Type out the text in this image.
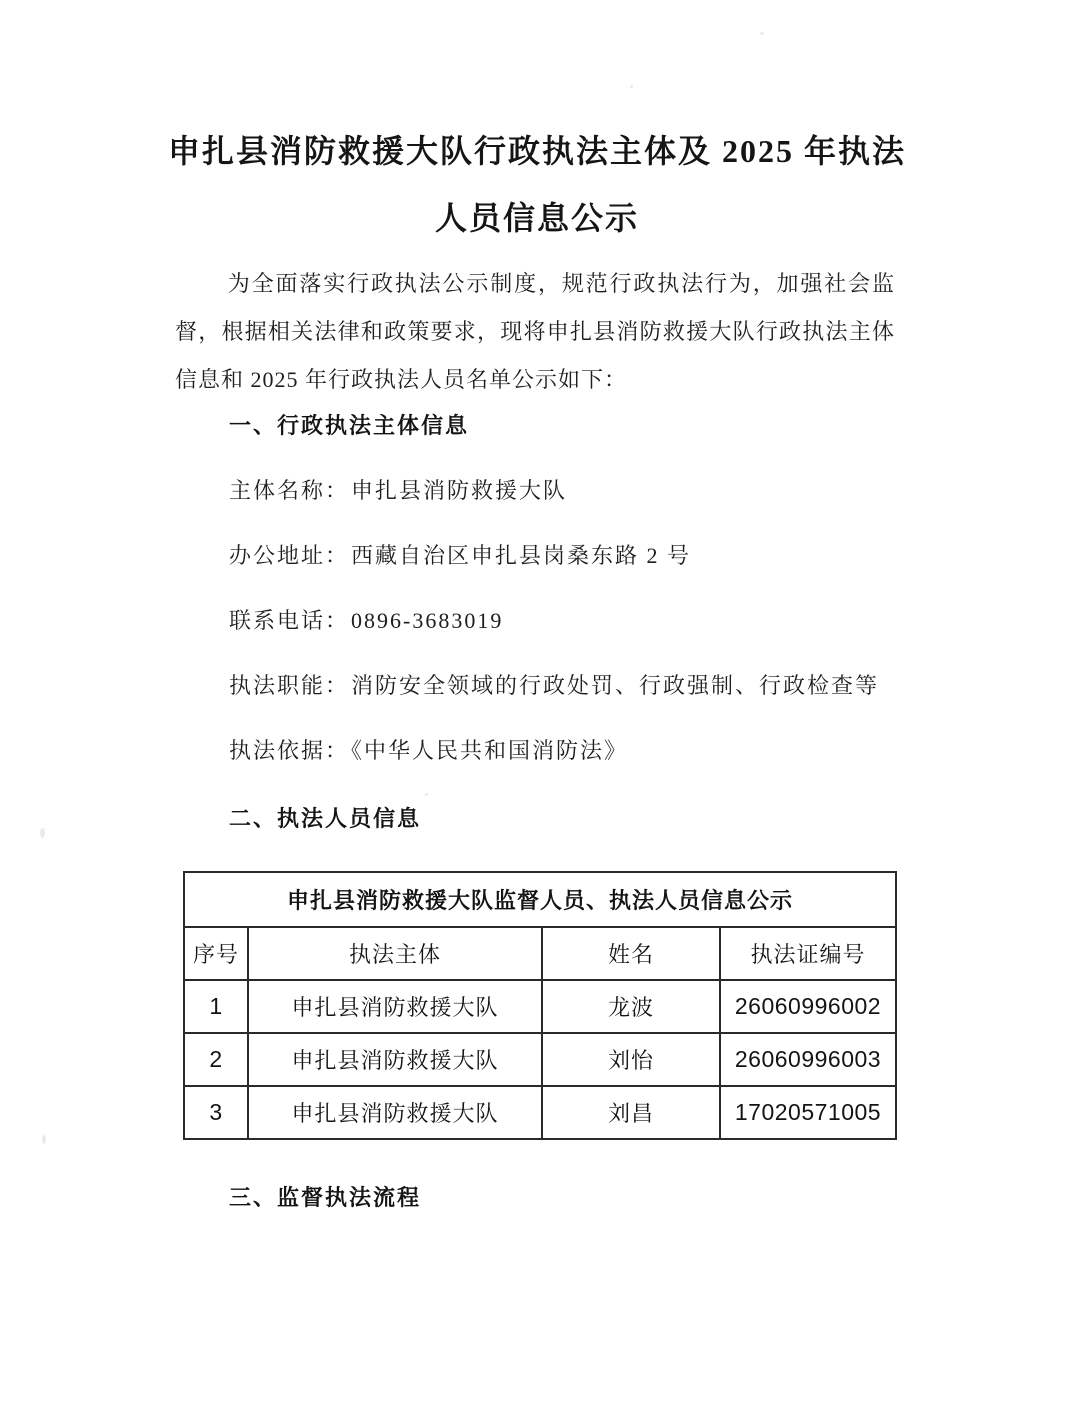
申扎县消防救援大队行政执法主体及 2025 年执法
人员信息公示

为全面落实行政执法公示制度，规范行政执法行为，加强社会监督，根据相关法律和政策要求，现将申扎县消防救援大队行政执法主体信息和 2025 年行政执法人员名单公示如下：

一、行政执法主体信息
主体名称：申扎县消防救援大队
办公地址：西藏自治区申扎县岗桑东路 2 号
联系电话：0896-3683019
执法职能：消防安全领域的行政处罚、行政强制、行政检查等
执法依据：《中华人民共和国消防法》
二、执法人员信息
申扎县消防救援大队监督人员、执法人员信息公示			
序号	执法主体	姓名	执法证编号
1	申扎县消防救援大队	龙波	26060996002
2	申扎县消防救援大队	刘怡	26060996003
3	申扎县消防救援大队	刘昌	17020571005
三、监督执法流程
